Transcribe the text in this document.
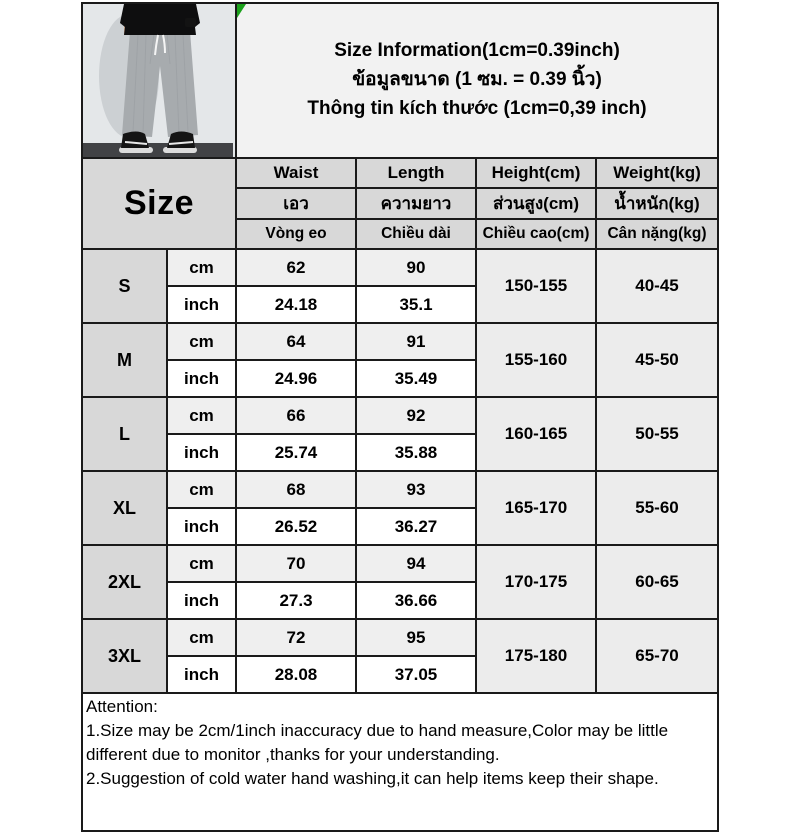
Size Information(1cm=0.39inch)
ข้อมูลขนาด (1 ซม. = 0.39 นิ้ว)
Thông tin kích thước (1cm=0,39 inch)			

Size		Waist	Length	Height(cm)	Weight(kg)
		เอว	ความยาว	ส่วนสูง(cm)	น้ำหนัก(kg)
		Vòng eo	Chiều dài	Chiều cao(cm)	Cân nặng(kg)
S	cm	62	90	150-155	40-45
	inch	24.18	35.1		
M	cm	64	91	155-160	45-50
	inch	24.96	35.49		
L	cm	66	92	160-165	50-55
	inch	25.74	35.88		
XL	cm	68	93	165-170	55-60
	inch	26.52	36.27		
2XL	cm	70	94	170-175	60-65
	inch	27.3	36.66		
3XL	cm	72	95	175-180	65-70
	inch	28.08	37.05		
Attention:
1.Size may be 2cm/1inch inaccuracy due to hand measure,Color may be little different due to monitor ,thanks for your understanding.
2.Suggestion of cold water hand washing,it can help items keep their shape.
